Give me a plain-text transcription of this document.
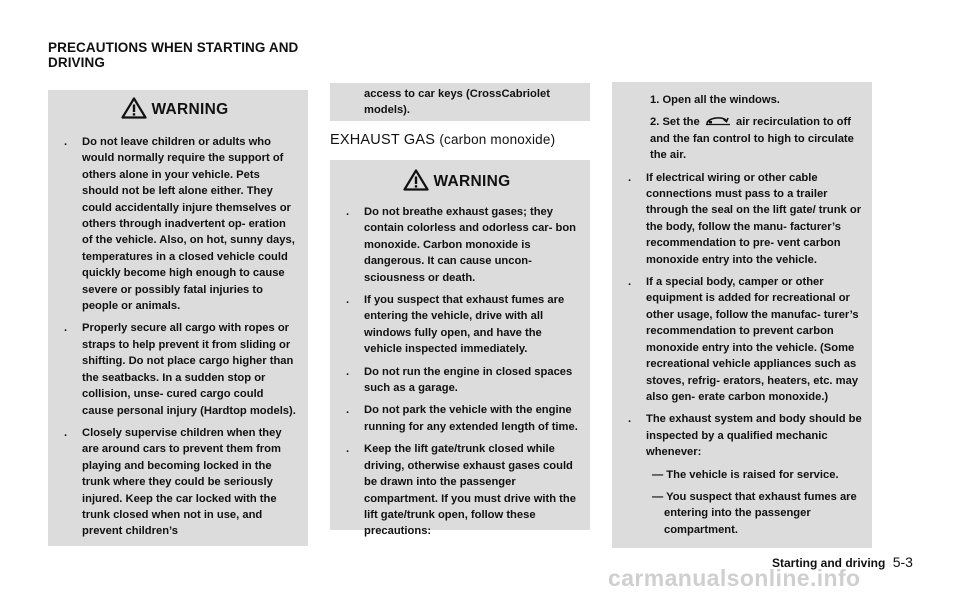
PRECAUTIONS WHEN STARTING AND DRIVING
WARNING
. Do not leave children or adults who would normally require the support of others alone in your vehicle. Pets should not be left alone either. They could accidentally injure themselves or others through inadvertent op- eration of the vehicle. Also, on hot, sunny days, temperatures in a closed vehicle could quickly become high enough to cause severe or possibly fatal injuries to people or animals.
. Properly secure all cargo with ropes or straps to help prevent it from sliding or shifting. Do not place cargo higher than the seatbacks. In a sudden stop or collision, unse- cured cargo could cause personal injury (Hardtop models).
. Closely supervise children when they are around cars to prevent them from playing and becoming locked in the trunk where they could be seriously injured. Keep the car locked with the trunk closed when not in use, and prevent children’s
access to car keys (CrossCabriolet models).
EXHAUST GAS (carbon monoxide)
WARNING
. Do not breathe exhaust gases; they contain colorless and odorless car- bon monoxide. Carbon monoxide is dangerous. It can cause uncon- sciousness or death.
. If you suspect that exhaust fumes are entering the vehicle, drive with all windows fully open, and have the vehicle inspected immediately.
. Do not run the engine in closed spaces such as a garage.
. Do not park the vehicle with the engine running for any extended length of time.
. Keep the lift gate/trunk closed while driving, otherwise exhaust gases could be drawn into the passenger compartment. If you must drive with the lift gate/trunk open, follow these precautions:
1. Open all the windows.
2. Set the	air recirculation to off and the fan control to high to circulate the air.
. If electrical wiring or other cable connections must pass to a trailer through the seal on the lift gate/ trunk or the body, follow the manu- facturer’s recommendation to pre- vent carbon monoxide entry into the vehicle.
. If a special body, camper or other equipment is added for recreational or other usage, follow the manufac- turer’s recommendation to prevent carbon monoxide entry into the vehicle. (Some recreational vehicle appliances such as stoves, refrig- erators, heaters, etc. may also gen- erate carbon monoxide.)
. The exhaust system and body should be inspected by a qualified mechanic whenever:
— The vehicle is raised for service.
— You suspect that exhaust fumes are entering into the passenger compartment.
Starting and driving 5-3
carmanualsonline.info
